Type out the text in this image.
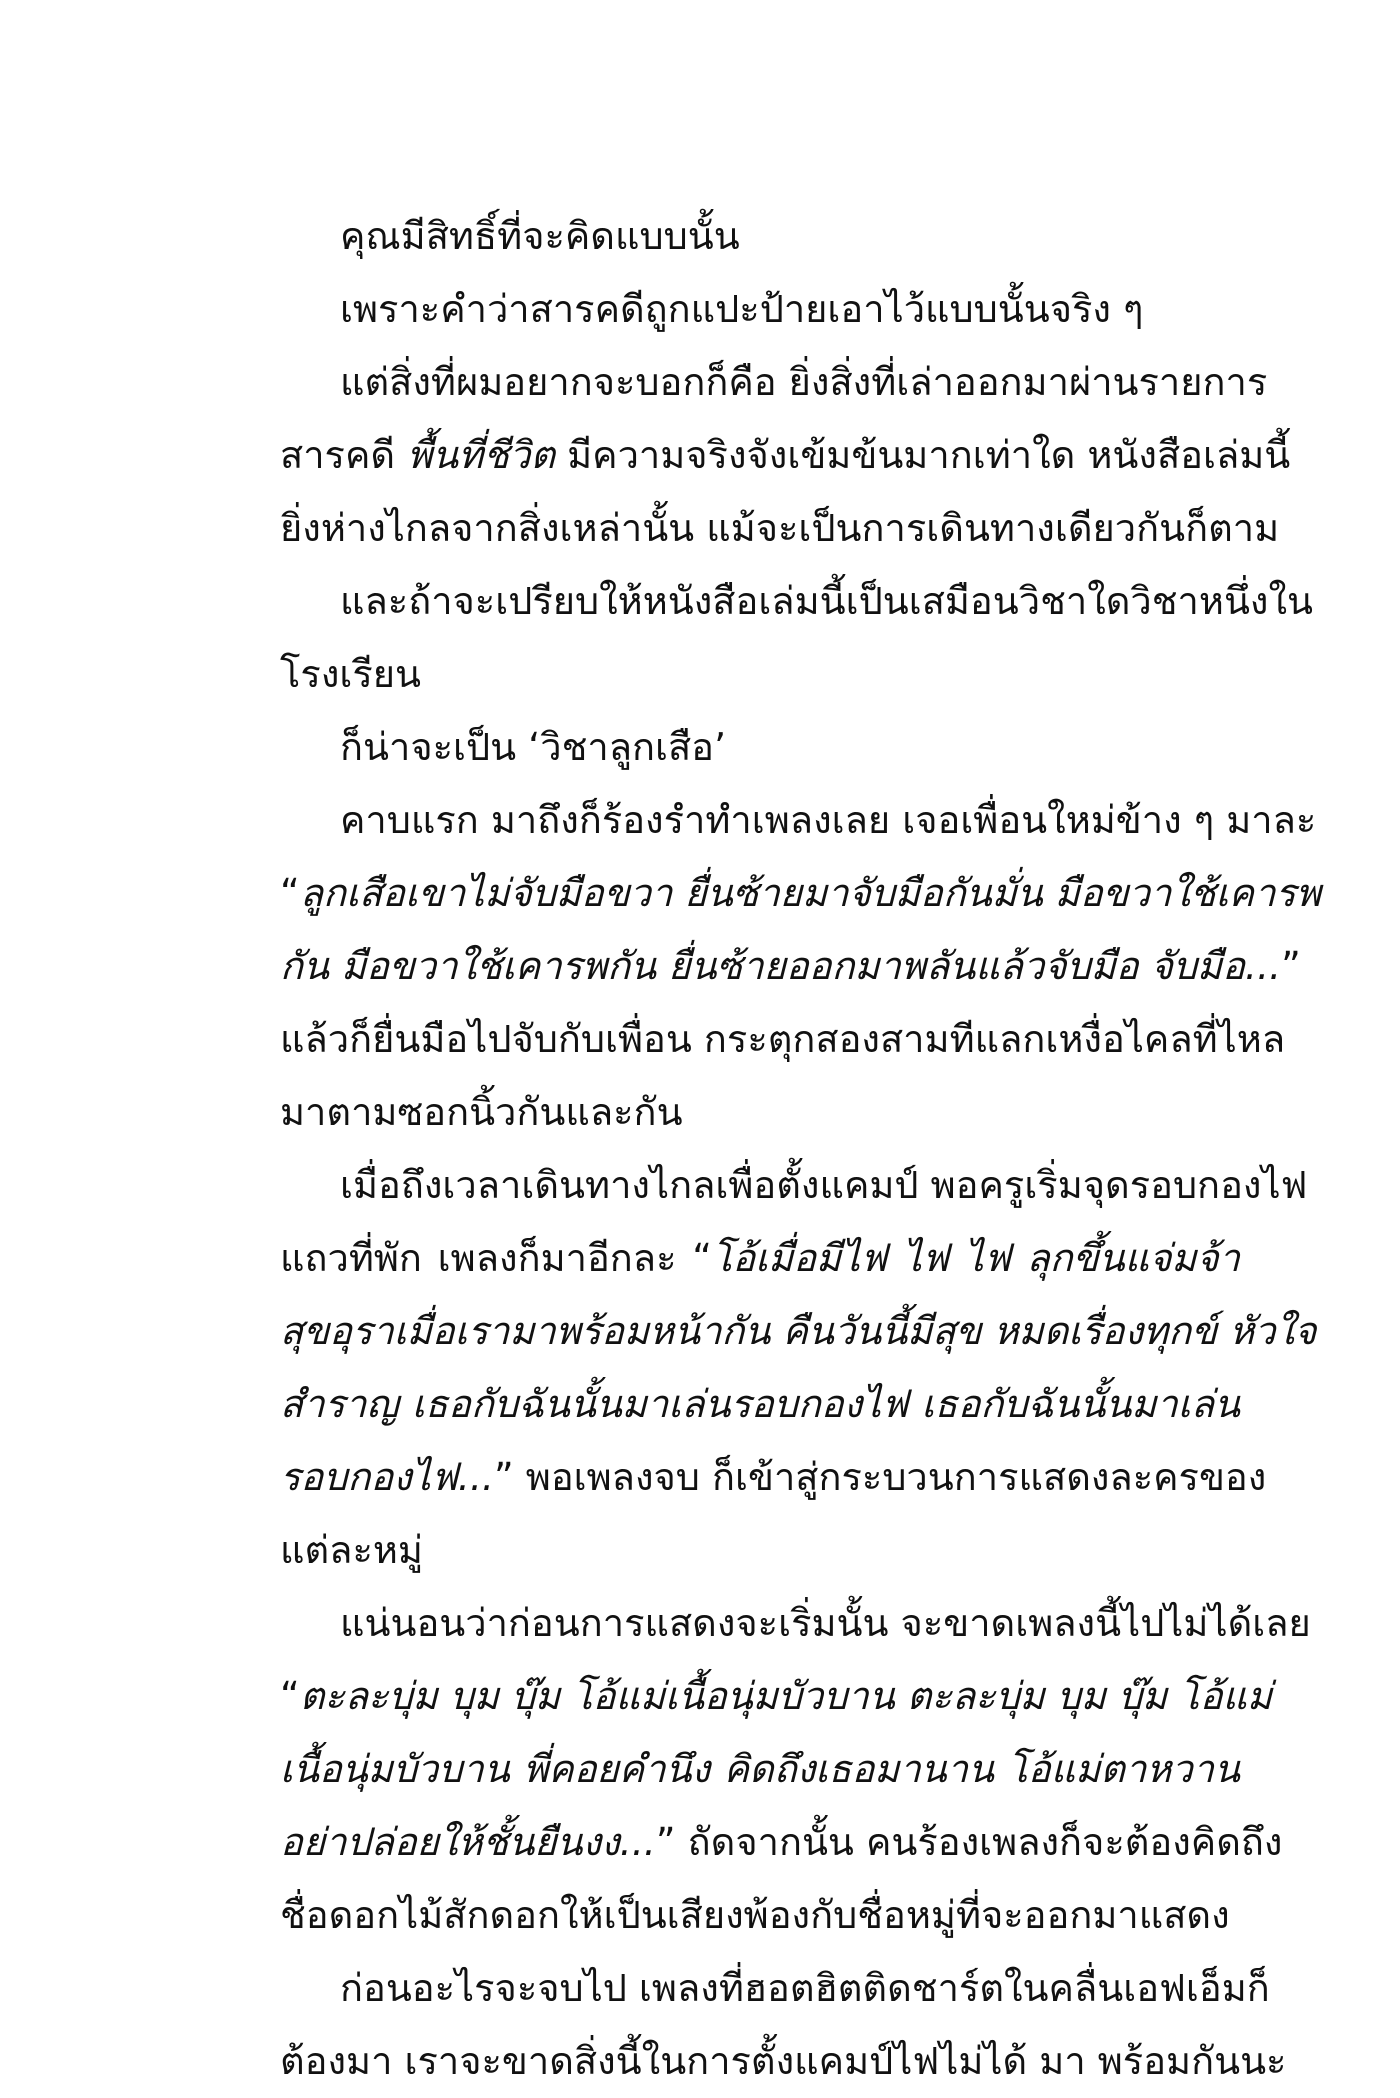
คุณมีสิทธิ์ที่จะคิดแบบนั้น
เพราะคำว่าสารคดีถูกแปะป้ายเอาไว้แบบนั้นจริง ๆ
แต่สิ่งที่ผมอยากจะบอกก็คือ ยิ่งสิ่งที่เล่าออกมาผ่านรายการ
สารคดี พื้นที่ชีวิต มีความจริงจังเข้มข้นมากเท่าใด หนังสือเล่มนี้
ยิ่งห่างไกลจากสิ่งเหล่านั้น แม้จะเป็นการเดินทางเดียวกันก็ตาม
และถ้าจะเปรียบให้หนังสือเล่มนี้เป็นเสมือนวิชาใดวิชาหนึ่งใน
โรงเรียน
ก็น่าจะเป็น ‘วิชาลูกเสือ’
คาบแรก มาถึงก็ร้องรำทำเพลงเลย เจอเพื่อนใหม่ข้าง ๆ มาละ
“ลูกเสือเขาไม่จับมือขวา ยื่นซ้ายมาจับมือกันมั่น มือขวาใช้เคารพ
กัน มือขวาใช้เคารพกัน ยื่นซ้ายออกมาพลันแล้วจับมือ จับมือ...”
แล้วก็ยื่นมือไปจับกับเพื่อน กระตุกสองสามทีแลกเหงื่อไคลที่ไหล
มาตามซอกนิ้วกันและกัน
เมื่อถึงเวลาเดินทางไกลเพื่อตั้งแคมป์ พอครูเริ่มจุดรอบกองไฟ
แถวที่พัก เพลงก็มาอีกละ “โอ้เมื่อมีไฟ ไฟ ไฟ ลุกขึ้นแจ่มจ้า
สุขอุราเมื่อเรามาพร้อมหน้ากัน คืนวันนี้มีสุข หมดเรื่องทุกข์ หัวใจ
สำราญ เธอกับฉันนั้นมาเล่นรอบกองไฟ เธอกับฉันนั้นมาเล่น
รอบกองไฟ...” พอเพลงจบ ก็เข้าสู่กระบวนการแสดงละครของ
แต่ละหมู่
แน่นอนว่าก่อนการแสดงจะเริ่มนั้น จะขาดเพลงนี้ไปไม่ได้เลย
“ตะละบุ่ม บุม บุ๊ม โอ้แม่เนื้อนุ่มบัวบาน ตะละบุ่ม บุม บุ๊ม โอ้แม่
เนื้อนุ่มบัวบาน พี่คอยคำนึง คิดถึงเธอมานาน โอ้แม่ตาหวาน
อย่าปล่อยให้ชั้นยืนงง...” ถัดจากนั้น คนร้องเพลงก็จะต้องคิดถึง
ชื่อดอกไม้สักดอกให้เป็นเสียงพ้องกับชื่อหมู่ที่จะออกมาแสดง
ก่อนอะไรจะจบไป เพลงที่ฮอตฮิตติดชาร์ตในคลื่นเอฟเอ็มก็
ต้องมา เราจะขาดสิ่งนี้ในการตั้งแคมป์ไฟไม่ได้ มา พร้อมกันนะ
